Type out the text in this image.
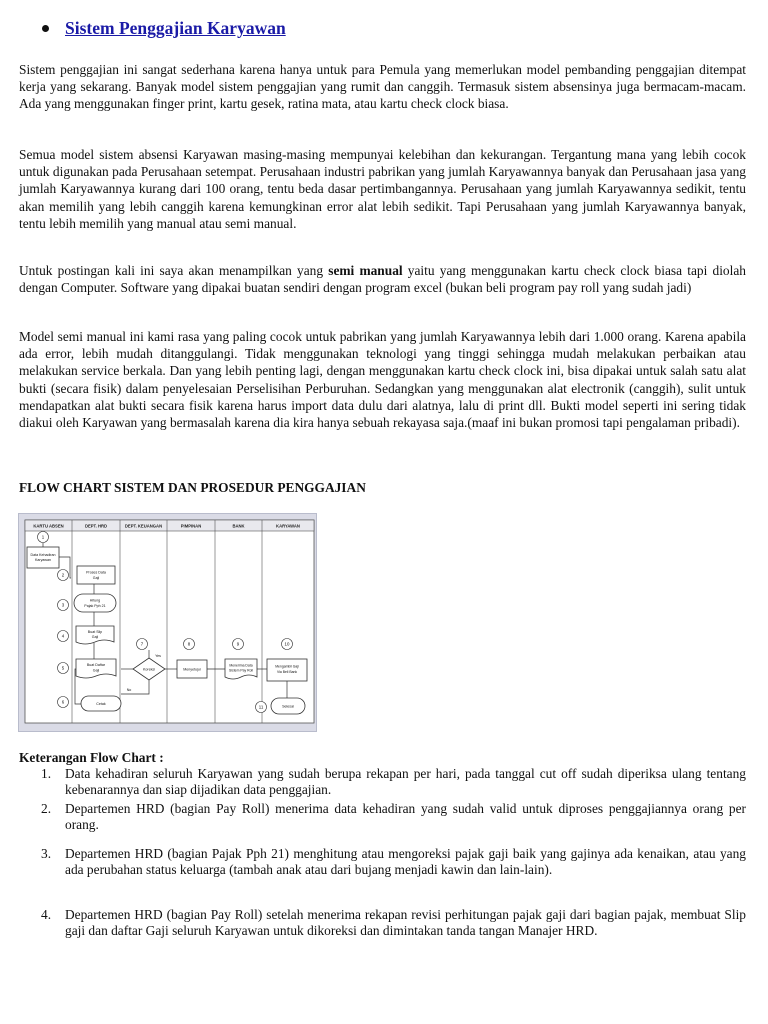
Sistem Penggajian Karyawan

Sistem penggajian ini sangat sederhana karena hanya untuk para Pemula yang memerlukan model pembanding penggajian ditempat kerja yang sekarang. Banyak model sistem penggajian yang rumit dan canggih. Termasuk sistem absensinya juga bermacam-macam. Ada yang menggunakan finger print, kartu gesek, ratina mata, atau kartu check clock biasa.

Semua model sistem absensi Karyawan masing-masing mempunyai kelebihan dan kekurangan. Tergantung mana yang lebih cocok untuk digunakan pada Perusahaan setempat. Perusahaan industri pabrikan yang jumlah Karyawannya banyak dan Perusahaan jasa yang jumlah Karyawannya kurang dari 100 orang, tentu beda dasar pertimbangannya. Perusahaan yang jumlah Karyawannya sedikit, tentu akan memilih yang lebih canggih karena kemungkinan error alat lebih sedikit. Tapi Perusahaan yang jumlah Karyawannya banyak, tentu lebih memilih yang manual atau semi manual.

Untuk postingan kali ini saya akan menampilkan yang semi manual yaitu yang menggunakan kartu check clock biasa tapi diolah dengan Computer. Software yang dipakai buatan sendiri dengan program excel (bukan beli program pay roll yang sudah jadi)

Model semi manual ini kami rasa yang paling cocok untuk pabrikan yang jumlah Karyawannya lebih dari 1.000 orang. Karena apabila ada error, lebih mudah ditanggulangi. Tidak menggunakan teknologi yang tinggi sehingga mudah melakukan perbaikan atau melakukan service berkala. Dan yang lebih penting lagi, dengan menggunakan kartu check clock ini, bisa dipakai untuk salah satu alat bukti (secara fisik) dalam penyelesaian Perselisihan Perburuhan. Sedangkan yang menggunakan alat electronik (canggih), sulit untuk mendapatkan alat bukti secara fisik karena harus import data dulu dari alatnya, lalu di print dll. Bukti model seperti ini sering tidak diakui oleh Karyawan yang bermasalah karena dia kira hanya sebuah rekayasa saja.(maaf ini bukan promosi tapi pengalaman pribadi).

FLOW CHART SISTEM DAN PROSEDUR PENGGAJIAN

KARTU ABSEN	DEPT. HRD	DEPT. KEUANGAN	PIMPINAN	BANK	KARYAWAN
1
Data Kehadiran
Karyawan
2
Proses Data
Gaji
3
Hitung
Pajak Pph 21
4
Buat Slip
Gaji
5
Buat Daftar
Gaji
6	Cetak
7
Koreksi
Yes
No
8
Menyetujui
9
Menerima Data
Sistem Pay Roll
10
Mengambil Gaji
Via Beli Bank
11	Selesai

Keterangan Flow Chart :

1. Data kehadiran seluruh Karyawan yang sudah berupa rekapan per hari, pada tanggal cut off sudah diperiksa ulang tentang kebenarannya dan siap dijadikan data penggajian.
2. Departemen HRD (bagian Pay Roll) menerima data kehadiran yang sudah valid untuk diproses penggajiannya orang per orang.
3. Departemen HRD (bagian Pajak Pph 21) menghitung atau mengoreksi pajak gaji baik yang gajinya ada kenaikan, atau yang ada perubahan status keluarga (tambah anak atau dari bujang menjadi kawin dan lain-lain).
4. Departemen HRD (bagian Pay Roll) setelah menerima rekapan revisi perhitungan pajak gaji dari bagian pajak, membuat Slip gaji dan daftar Gaji seluruh Karyawan untuk dikoreksi dan dimintakan tanda tangan Manajer HRD.
